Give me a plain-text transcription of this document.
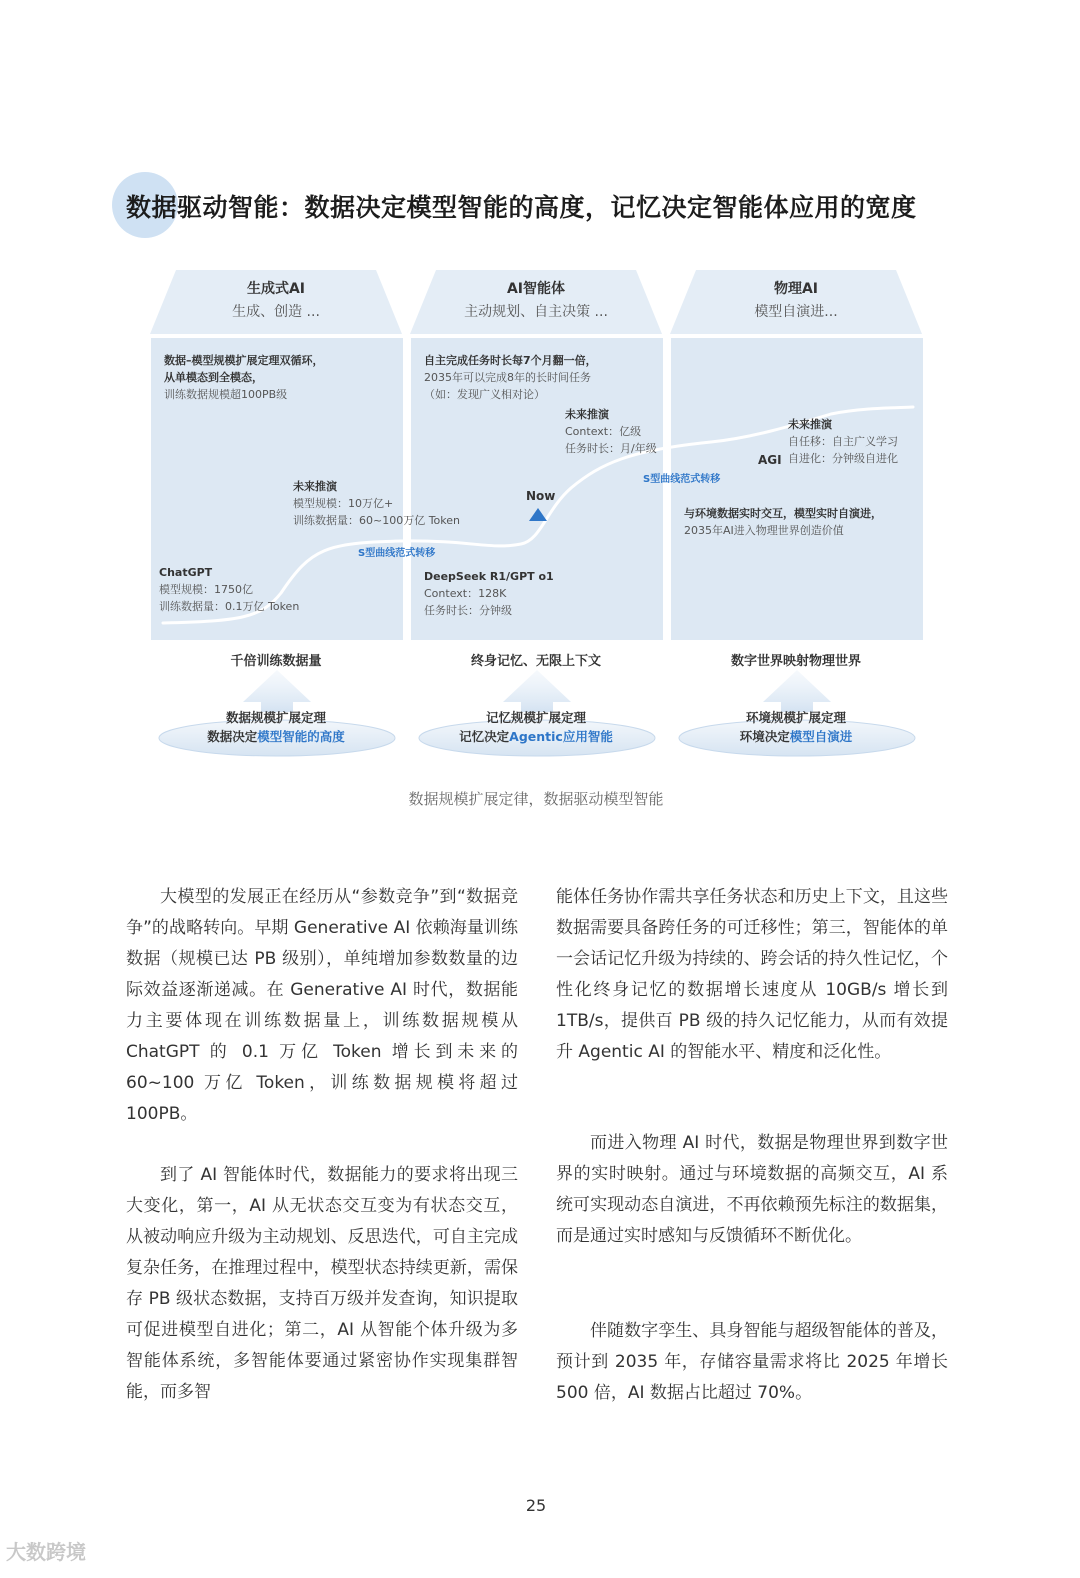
数据驱动智能：数据决定模型智能的高度，记忆决定智能体应用的宽度
生成式AI
生成、创造 ...
AI智能体
主动规划、自主决策 ...
物理AI
模型自演进...
数据–模型规模扩展定理双循环，
从单模态到全模态，
训练数据规模超100PB级
未来推演
模型规模：10万亿+
训练数据量：60~100万亿 Token
ChatGPT
模型规模：1750亿
训练数据量：0.1万亿 Token
S型曲线范式转移
自主完成任务时长每7个月翻一倍，
2035年可以完成8年的长时间任务
（如：发现广义相对论）
未来推演
Context：亿级
任务时长：月/年级
Now
DeepSeek R1/GPT o1
Context：128K
任务时长：分钟级
S型曲线范式转移
未来推演
自任移：自主广义学习
自进化：分钟级自进化
AGI
与环境数据实时交互，模型实时自演进，
2035年AI进入物理世界创造价值
千倍训练数据量	终身记忆、无限上下文	数字世界映射物理世界
数据规模扩展定理
数据决定模型智能的高度
记忆规模扩展定理
记忆决定Agentic应用智能
环境规模扩展定理
环境决定模型自演进
数据规模扩展定律，数据驱动模型智能
大模型的发展正在经历从“参数竞争”到“数据竞争”的战略转向。早期 Generative AI 依赖海量训练数据（规模已达 PB 级别），单纯增加参数数量的边际效益逐渐递减。在 Generative AI 时代，数据能力主要体现在训练数据量上，训练数据规模从 ChatGPT 的 0.1 万亿 Token 增长到未来的 60~100 万亿 Token，训练数据规模将超过 100PB。
到了 AI 智能体时代，数据能力的要求将出现三大变化，第一，AI 从无状态交互变为有状态交互，从被动响应升级为主动规划、反思迭代，可自主完成复杂任务，在推理过程中，模型状态持续更新，需保存 PB 级状态数据，支持百万级并发查询，知识提取可促进模型自进化；第二，AI 从智能个体升级为多智能体系统，多智能体要通过紧密协作实现集群智能，而多智
能体任务协作需共享任务状态和历史上下文，且这些数据需要具备跨任务的可迁移性；第三，智能体的单一会话记忆升级为持续的、跨会话的持久性记忆，个性化终身记忆的数据增长速度从 10GB/s 增长到 1TB/s，提供百 PB 级的持久记忆能力，从而有效提升 Agentic AI 的智能水平、精度和泛化性。
而进入物理 AI 时代，数据是物理世界到数字世界的实时映射。通过与环境数据的高频交互，AI 系统可实现动态自演进，不再依赖预先标注的数据集，而是通过实时感知与反馈循环不断优化。
伴随数字孪生、具身智能与超级智能体的普及，预计到 2035 年，存储容量需求将比 2025 年增长 500 倍，AI 数据占比超过 70%。
25
大数跨境
